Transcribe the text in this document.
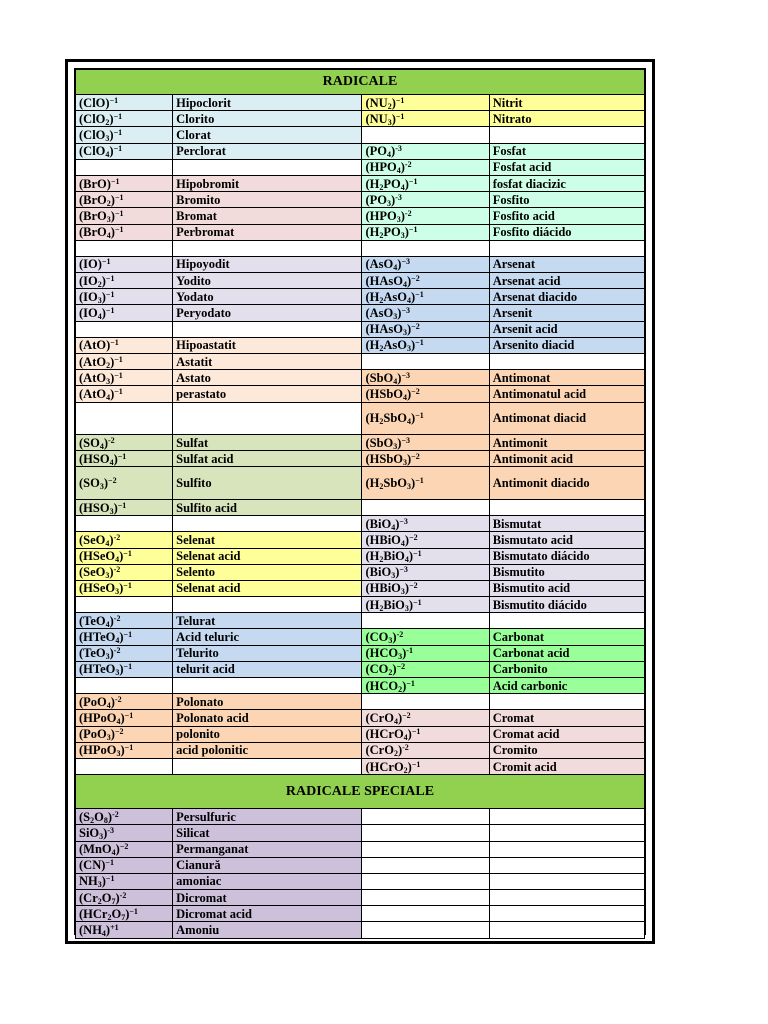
RADICALE			
(ClO)$^{-1}$	Hipoclorit	$(NU_2)^{-1}$	Nitrit
$(ClO_2)^{-1}$	Clorito	$(NU_3)^{-1}$	Nitrato
$(ClO_3)^{-1}$	Clorat		
$(ClO_4)^{-1}$	Perclorat	$(PO_4)^{-3}$	Fosfat
		$(HPO_4)^{-2}$	Fosfat acid
(BrO)$^{-1}$	Hipobromit	$(H_2PO_4)^{-1}$	fosfat diacizic
$(BrO_2)^{-1}$	Bromito	$(PO_3)^{-3}$	Fosfito
$(BrO_3)^{-1}$	Bromat	$(HPO_3)^{-2}$	Fosfito acid
$(BrO_4)^{-1}$	Perbromat	$(H_2PO_3)^{-1}$	Fosfito diácido

(IO)$^{-1}$	Hipoyodit	$(AsO_4)^{-3}$	Arsenat
$(IO_2)^{-1}$	Yodito	(HAsO$_4$)$^{-2}$	Arsenat acid
$(IO_3)^{-1}$	Yodato	$(H_2AsO_4)^{-1}$	Arsenat diacido
$(IO_4)^{-1}$	Peryodato	$(AsO_3)^{-3}$	Arsenit
		(HAsO$_3$)$^{-2}$	Arsenit acid
(AtO)$^{-1}$	Hipoastatit	$(H_2AsO_3)^{-1}$	Arsenito diacid
$(AtO_2)^{-1}$	Astatit		
$(AtO_3)^{-1}$	Astato	$(SbO_4)^{-3}$	Antimonat
$(AtO_4)^{-1}$	perastato	(HSbO$_4$)$^{-2}$	Antimonatul acid
		$(H_2SbO_4)^{-1}$	Antimonat diacid
$(SO_4)^{-2}$	Sulfat	$(SbO_3)^{-3}$	Antimonit
$(HSO_4)^{-1}$	Sulfat acid	(HSbO$_3$)$^{-2}$	Antimonit acid
$(SO_3)^{-2}$	Sulfito	$(H_2SbO_3)^{-1}$	Antimonit diacido
$(HSO_3)^{-1}$	Sulfito acid		
		$(BiO_4)^{-3}$	Bismutat
$(SeO_4)^{-2}$	Selenat	(HBiO$_4$)$^{-2}$	Bismutato acid
(HSeO$_4$)$^{-1}$	Selenat acid	$(H_2BiO_4)^{-1}$	Bismutato diácido
$(SeO_3)^{-2}$	Selento	$(BiO_3)^{-3}$	Bismutito
(HSeO$_3$)$^{-1}$	Selenat acid	(HBiO$_3$)$^{-2}$	Bismutito acid
		$(H_2BiO_3)^{-1}$	Bismutito diácido
$(TeO_4)^{-2}$	Telurat		
(HTeO$_4$)$^{-1}$	Acid teluric	$(CO_3)^{-2}$	Carbonat
$(TeO_3)^{-2}$	Telurito	$(HCO_3)^{-1}$	Carbonat acid
(HTeO$_3$)$^{-1}$	telurit acid	$(CO_2)^{-2}$	Carbonito
		$(HCO_2)^{-1}$	Acid carbonic
$(PoO_4)^{-2}$	Polonato		
(HPoO$_4$)$^{-1}$	Polonato acid	$(CrO_4)^{-2}$	Cromat
$(PoO_3)^{-2}$	polonito	(HCrO$_4$)$^{-1}$	Cromat acid
(HPoO$_3$)$^{-1}$	acid polonitic	$(CrO_2)^{-2}$	Cromito
		(HCrO$_2$)$^{-1}$	Cromit acid
RADICALE SPECIALE			
$(S_2O_8)^{-2}$	Persulfuric		
SiO$_3$)$^{-3}$	Silicat		
$(MnO_4)^{-2}$	Permanganat		
(CN)$^{-1}$	Cianură		
$NH_3)^{-1}$	amoniac		
$(Cr_2O_7)^{-2}$	Dicromat		
$(HCr_2O_7)^{-1}$	Dicromat acid		
$(NH_4)^{+1}$	Amoniu		
